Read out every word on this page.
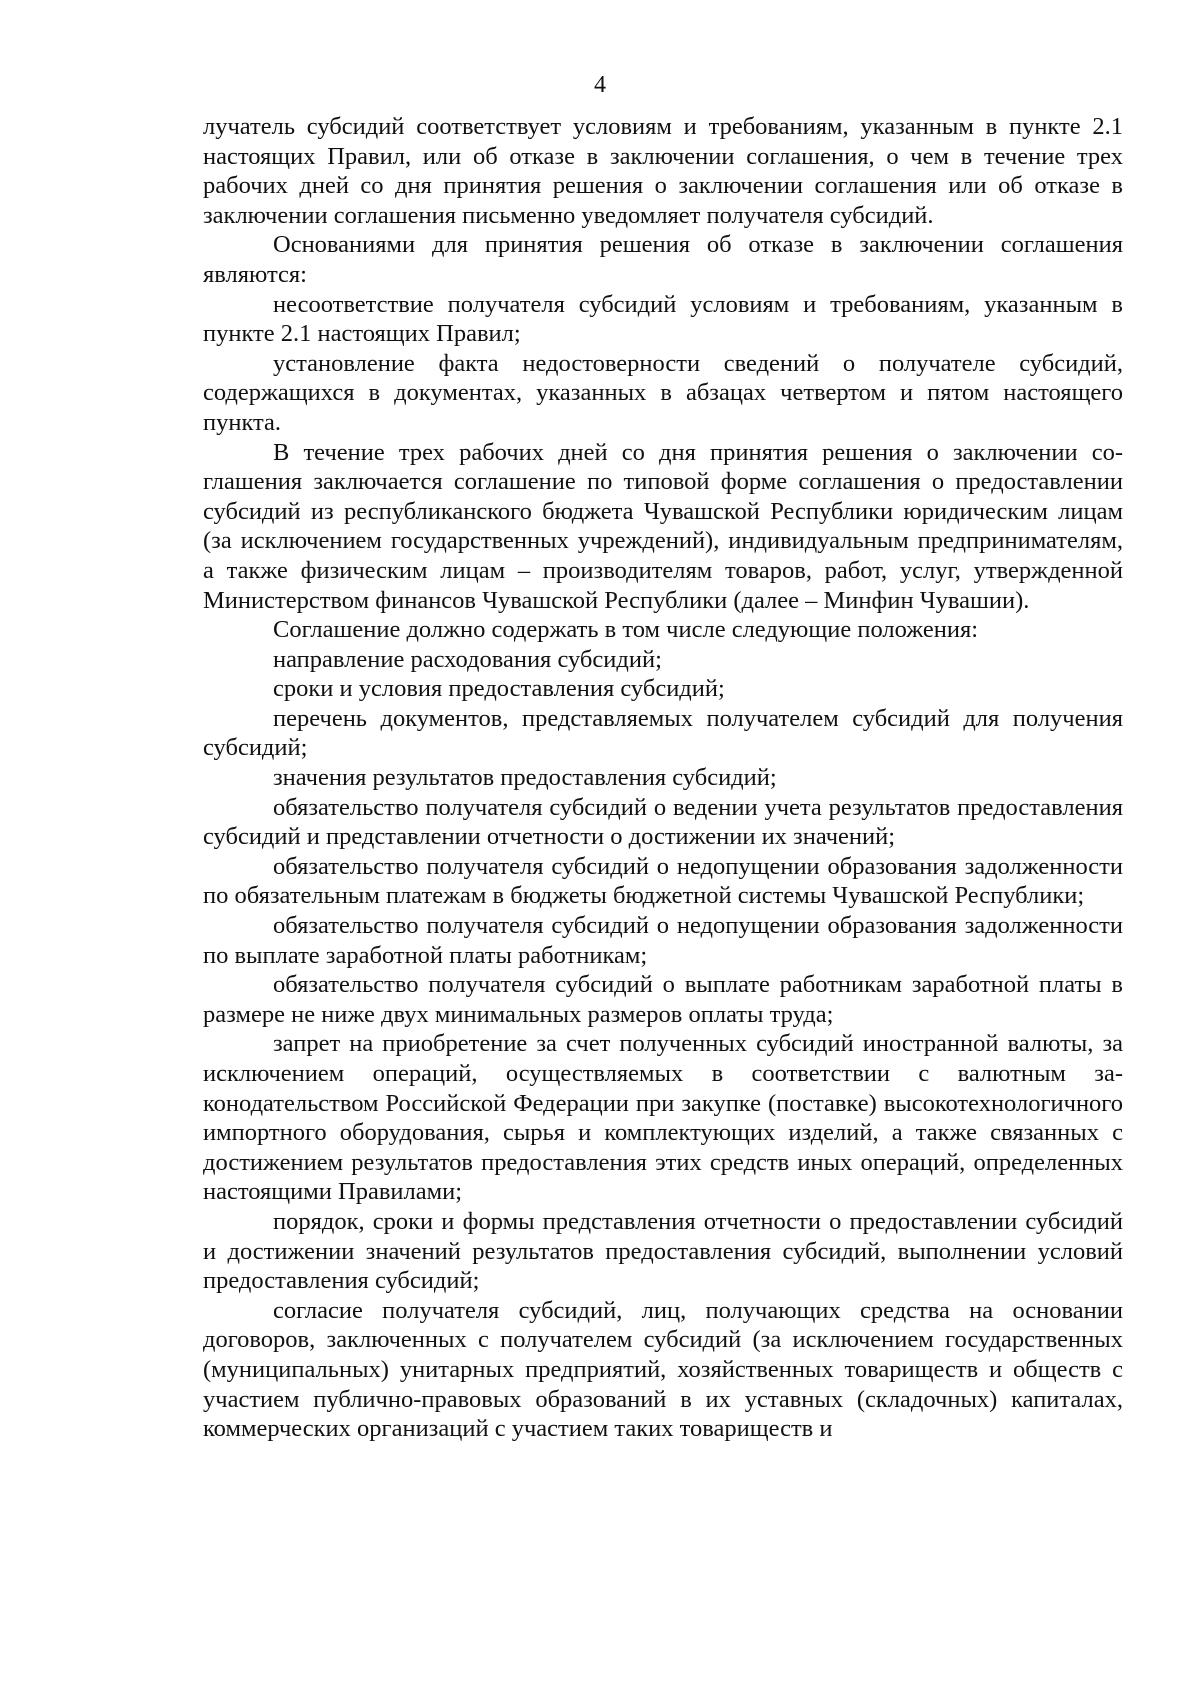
4

лучатель субсидий соответствует условиям и требованиям, указанным в пункте 2.1 настоящих Правил, или об отказе в заключении соглашения, о чем в течение трех рабочих дней со дня принятия решения о заключении соглашения или об отказе в заключении соглашения письменно уведомляет получателя субсидий.

Основаниями для принятия решения об отказе в заключении соглашения являются:

несоответствие получателя субсидий условиям и требованиям, указанным в пункте 2.1 настоящих Правил;

установление факта недостоверности сведений о получателе субсидий, содержащихся в документах, указанных в абзацах четвертом и пятом настоящего пункта.

В течение трех рабочих дней со дня принятия решения о заключении соглашения заключается соглашение по типовой форме соглашения о предоставлении субсидий из республиканского бюджета Чувашской Республики юридическим лицам (за исключением государственных учреждений), индивидуальным предпринимателям, а также физическим лицам – производителям товаров, работ, услуг, утвержденной Министерством финансов Чувашской Республики (далее – Минфин Чувашии).

Соглашение должно содержать в том числе следующие положения:

направление расходования субсидий;

сроки и условия предоставления субсидий;

перечень документов, представляемых получателем субсидий для получения субсидий;

значения результатов предоставления субсидий;

обязательство получателя субсидий о ведении учета результатов предоставления субсидий и представлении отчетности о достижении их значений;

обязательство получателя субсидий о недопущении образования задолженности по обязательным платежам в бюджеты бюджетной системы Чувашской Республики;

обязательство получателя субсидий о недопущении образования задолженности по выплате заработной платы работникам;

обязательство получателя субсидий о выплате работникам заработной платы в размере не ниже двух минимальных размеров оплаты труда;

запрет на приобретение за счет полученных субсидий иностранной валюты, за исключением операций, осуществляемых в соответствии с валютным законодательством Российской Федерации при закупке (поставке) высокотехнологичного импортного оборудования, сырья и комплектующих изделий, а также связанных с достижением результатов предоставления этих средств иных операций, определенных настоящими Правилами;

порядок, сроки и формы представления отчетности о предоставлении субсидий и достижении значений результатов предоставления субсидий, выполнении условий предоставления субсидий;

согласие получателя субсидий, лиц, получающих средства на основании договоров, заключенных с получателем субсидий (за исключением государственных (муниципальных) унитарных предприятий, хозяйственных товариществ и обществ с участием публично-правовых образований в их уставных (складочных) капиталах, коммерческих организаций с участием таких товариществ и
